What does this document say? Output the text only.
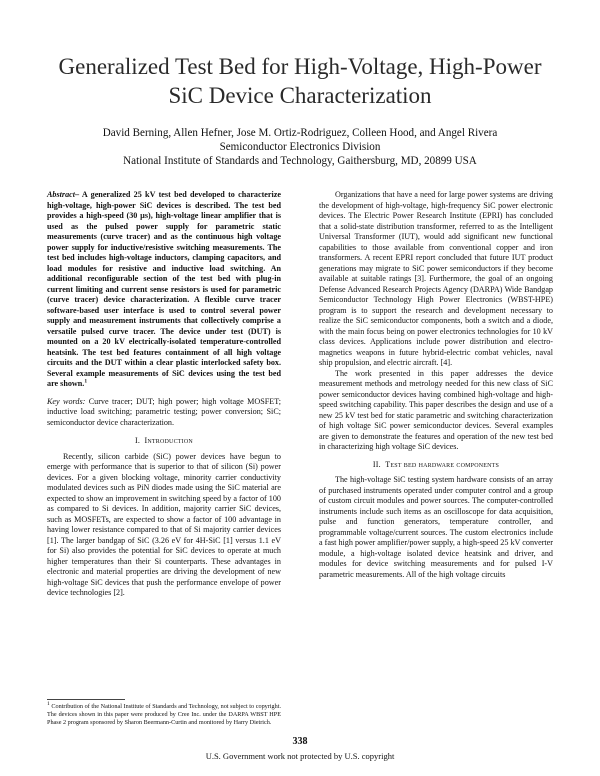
Generalized Test Bed for High-Voltage, High-Power
SiC Device Characterization
David Berning, Allen Hefner, Jose M. Ortiz-Rodriguez, Colleen Hood, and Angel Rivera
Semiconductor Electronics Division
National Institute of Standards and Technology, Gaithersburg, MD, 20899 USA

Abstract– A generalized 25 kV test bed developed to characterize high-voltage, high-power SiC devices is described. The test bed provides a high-speed (30 µs), high-voltage linear amplifier that is used as the pulsed power supply for parametric static measurements (curve tracer) and as the continuous high voltage power supply for inductive/resistive switching measurements. The test bed includes high-voltage inductors, clamping capacitors, and load modules for resistive and inductive load switching. An additional reconfigurable section of the test bed with plug-in current limiting and current sense resistors is used for parametric (curve tracer) device characterization. A flexible curve tracer software-based user interface is used to control several power supply and measurement instruments that collectively comprise a versatile pulsed curve tracer. The device under test (DUT) is mounted on a 20 kV electrically-isolated temperature-controlled heatsink. The test bed features containment of all high voltage circuits and the DUT within a clear plastic interlocked safety box. Several example measurements of SiC devices using the test bed are shown.$^1$

Key words: Curve tracer; DUT; high power; high voltage MOSFET; inductive load switching; parametric testing; power conversion; SiC; semiconductor device characterization.

I. Introduction

Recently, silicon carbide (SiC) power devices have begun to emerge with performance that is superior to that of silicon (Si) power devices. For a given blocking voltage, minority carrier conductivity modulated devices such as PiN diodes made using the SiC material are expected to show an improvement in switching speed by a factor of 100 as compared to Si devices. In addition, majority carrier SiC devices, such as MOSFETs, are expected to show a factor of 100 advantage in having lower resistance compared to that of Si majority carrier devices [1]. The larger bandgap of SiC (3.26 eV for 4H-SiC [1] versus 1.1 eV for Si) also provides the potential for SiC devices to operate at much higher temperatures than their Si counterparts. These advantages in electronic and material properties are driving the development of new high-voltage SiC devices that push the performance envelope of power device technologies [2].

$^1$ Contribution of the National Institute of Standards and Technology, not subject to copyright. The devices shown in this paper were produced by Cree Inc. under the DARPA WBST HPE Phase 2 program sponsored by Sharon Beermann-Curtin and monitored by Harry Dietrich.

Organizations that have a need for large power systems are driving the development of high-voltage, high-frequency SiC power electronic devices. The Electric Power Research Institute (EPRI) has concluded that a solid-state distribution transformer, referred to as the Intelligent Universal Transformer (IUT), would add significant new functional capabilities to those available from conventional copper and iron transformers. A recent EPRI report concluded that future IUT product generations may migrate to SiC power semiconductors if they become available at suitable ratings [3]. Furthermore, the goal of an ongoing Defense Advanced Research Projects Agency (DARPA) Wide Bandgap Semiconductor Technology High Power Electronics (WBST-HPE) program is to support the research and development necessary to realize the SiC semiconductor components, both a switch and a diode, with the main focus being on power electronics technologies for 10 kV class devices. Applications include power distribution and electro-magnetics weapons in future hybrid-electric combat vehicles, naval ship propulsion, and electric aircraft. [4].

The work presented in this paper addresses the device measurement methods and metrology needed for this new class of SiC power semiconductor devices having combined high-voltage and high-speed switching capability. This paper describes the design and use of a new 25 kV test bed for static parametric and switching characterization of high voltage SiC power semiconductor devices. Several examples are given to demonstrate the features and operation of the new test bed in characterizing high voltage SiC devices.

II. Test bed hardware components

The high-voltage SiC testing system hardware consists of an array of purchased instruments operated under computer control and a group of custom circuit modules and power sources. The computer-controlled instruments include such items as an oscilloscope for data acquisition, pulse and function generators, temperature controller, and programmable voltage/current sources. The custom electronics include a fast high power amplifier/power supply, a high-speed 25 kV converter module, a high-voltage isolated device heatsink and driver, and modules for device switching measurements and for pulsed I-V parametric measurements. All of the high voltage circuits

338
U.S. Government work not protected by U.S. copyright
